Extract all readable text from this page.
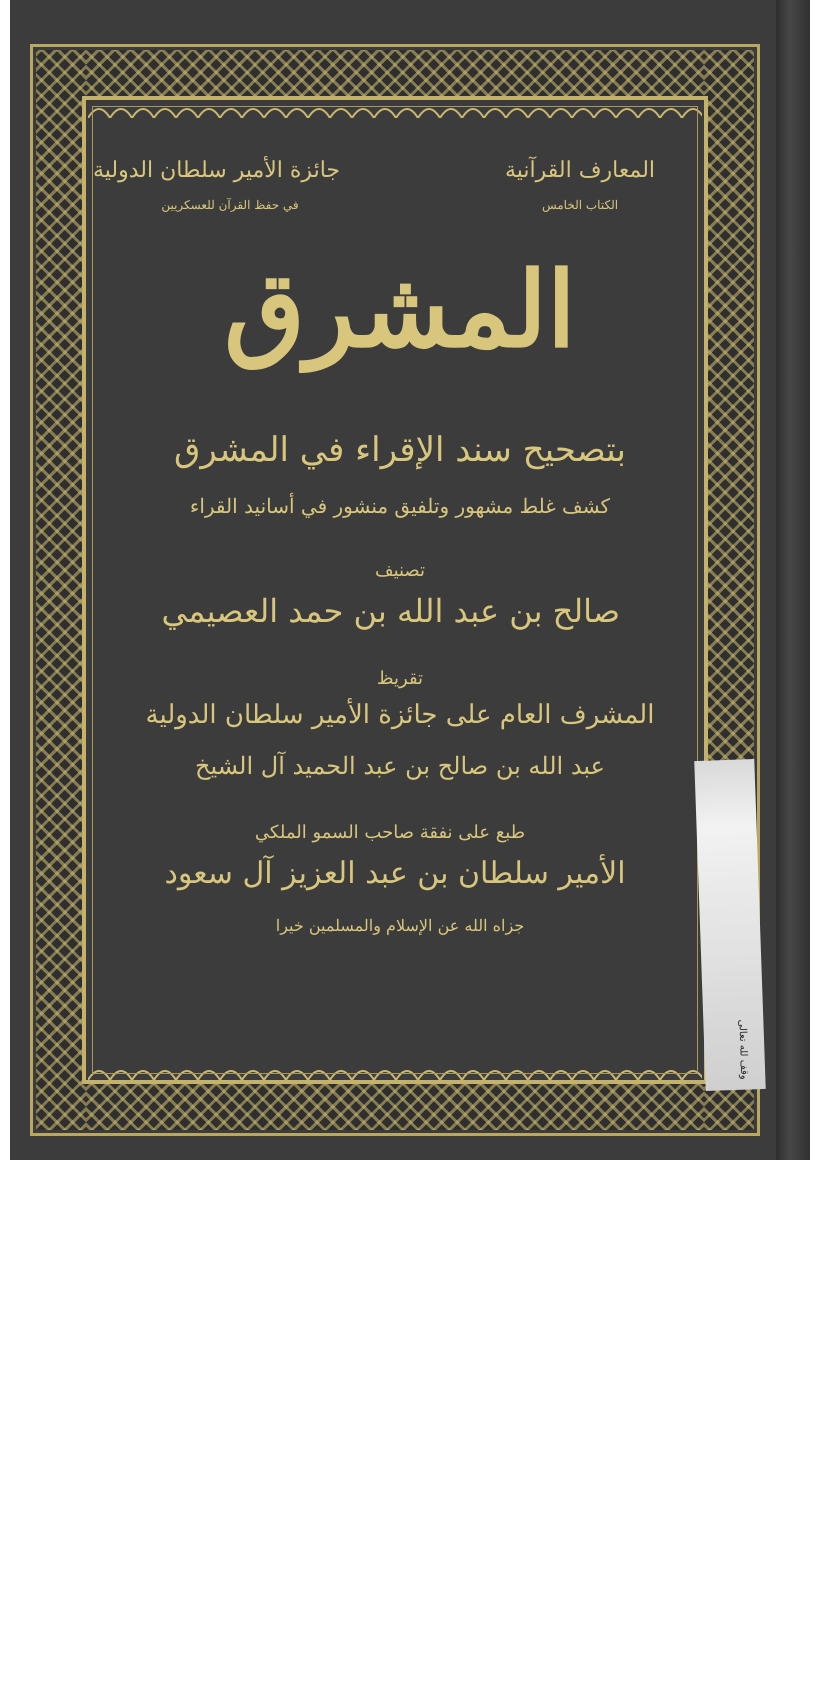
المعارف القرآنية
الكتاب الخامس
جائزة الأمير سلطان الدولية
في حفظ القرآن للعسكريين
المشرق
بتصحيح سند الإقراء في المشرق
كشف غلط مشهور وتلفيق منشور في أسانيد القراء
تصنيف
صالح بن عبد الله بن حمد العصيمي
تقريظ
المشرف العام على جائزة الأمير سلطان الدولية
عبد الله بن صالح بن عبد الحميد آل الشيخ
طبع على نفقة صاحب السمو الملكي
الأمير سلطان بن عبد العزيز آل سعود
جزاه الله عن الإسلام والمسلمين خيرا
وقف لله تعالى
